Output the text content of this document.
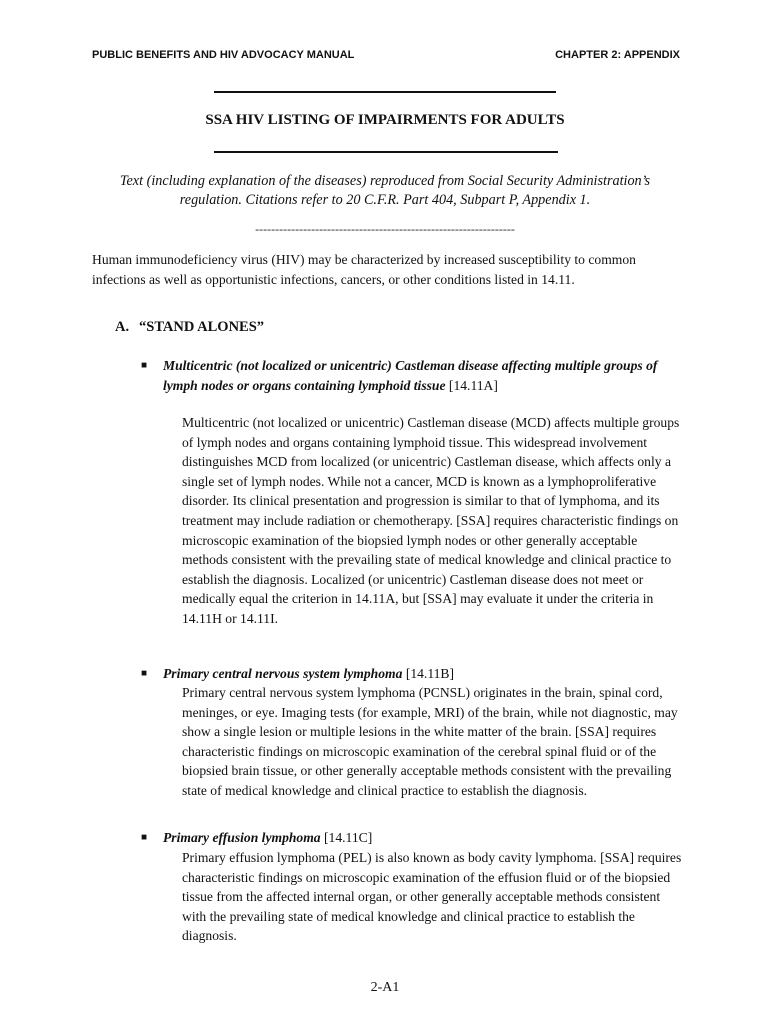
PUBLIC BENEFITS AND HIV ADVOCACY MANUAL	CHAPTER 2: APPENDIX
SSA HIV LISTING OF IMPAIRMENTS FOR ADULTS
Text (including explanation of the diseases) reproduced from Social Security Administration’s regulation. Citations refer to 20 C.F.R. Part 404, Subpart P, Appendix 1.
-----------------------------------------------------------------
Human immunodeficiency virus (HIV) may be characterized by increased susceptibility to common infections as well as opportunistic infections, cancers, or other conditions listed in 14.11.
A. “STAND ALONES”
■ Multicentric (not localized or unicentric) Castleman disease affecting multiple groups of lymph nodes or organs containing lymphoid tissue [14.11A]
Multicentric (not localized or unicentric) Castleman disease (MCD) affects multiple groups of lymph nodes and organs containing lymphoid tissue. This widespread involvement distinguishes MCD from localized (or unicentric) Castleman disease, which affects only a single set of lymph nodes. While not a cancer, MCD is known as a lymphoproliferative disorder. Its clinical presentation and progression is similar to that of lymphoma, and its treatment may include radiation or chemotherapy. [SSA] requires characteristic findings on microscopic examination of the biopsied lymph nodes or other generally acceptable methods consistent with the prevailing state of medical knowledge and clinical practice to establish the diagnosis. Localized (or unicentric) Castleman disease does not meet or medically equal the criterion in 14.11A, but [SSA] may evaluate it under the criteria in 14.11H or 14.11I.
■ Primary central nervous system lymphoma [14.11B]
Primary central nervous system lymphoma (PCNSL) originates in the brain, spinal cord, meninges, or eye. Imaging tests (for example, MRI) of the brain, while not diagnostic, may show a single lesion or multiple lesions in the white matter of the brain. [SSA] requires characteristic findings on microscopic examination of the cerebral spinal fluid or of the biopsied brain tissue, or other generally acceptable methods consistent with the prevailing state of medical knowledge and clinical practice to establish the diagnosis.
■ Primary effusion lymphoma [14.11C]
Primary effusion lymphoma (PEL) is also known as body cavity lymphoma. [SSA] requires characteristic findings on microscopic examination of the effusion fluid or of the biopsied tissue from the affected internal organ, or other generally acceptable methods consistent with the prevailing state of medical knowledge and clinical practice to establish the diagnosis.
2-A1
